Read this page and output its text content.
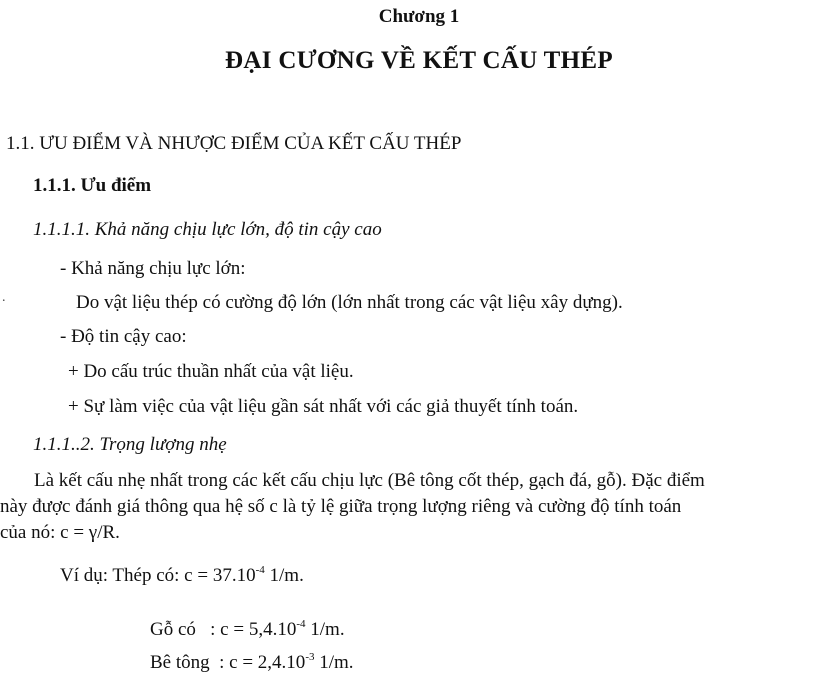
Chương 1
ĐẠI CƯƠNG VỀ KẾT CẤU THÉP
1.1. ƯU ĐIỂM VÀ NHƯỢC ĐIỂM CỦA KẾT CẤU THÉP
1.1.1. Ưu điểm
1.1.1.1. Khả năng chịu lực lớn, độ tin cậy cao
- Khả năng chịu lực lớn:
Do vật liệu thép có cường độ lớn (lớn nhất trong các vật liệu xây dựng).
- Độ tin cậy cao:
+ Do cấu trúc thuần nhất của vật liệu.
+ Sự làm việc của vật liệu gần sát nhất với các giả thuyết tính toán.
1.1.1..2. Trọng lượng nhẹ
Là kết cấu nhẹ nhất trong các kết cấu chịu lực (Bê tông cốt thép, gạch đá, gỗ). Đặc điểm
này được đánh giá thông qua hệ số c là tỷ lệ giữa trọng lượng riêng và cường độ tính toán
của nó: c = γ/R.
Ví dụ: Thép có: $c = 37.10^{-4}$ 1/m.

Gỗ có   : $c = 5,4.10^{-4}$ 1/m.

Bê tông  : $c = 2,4.10^{-3}$ 1/m.

.
